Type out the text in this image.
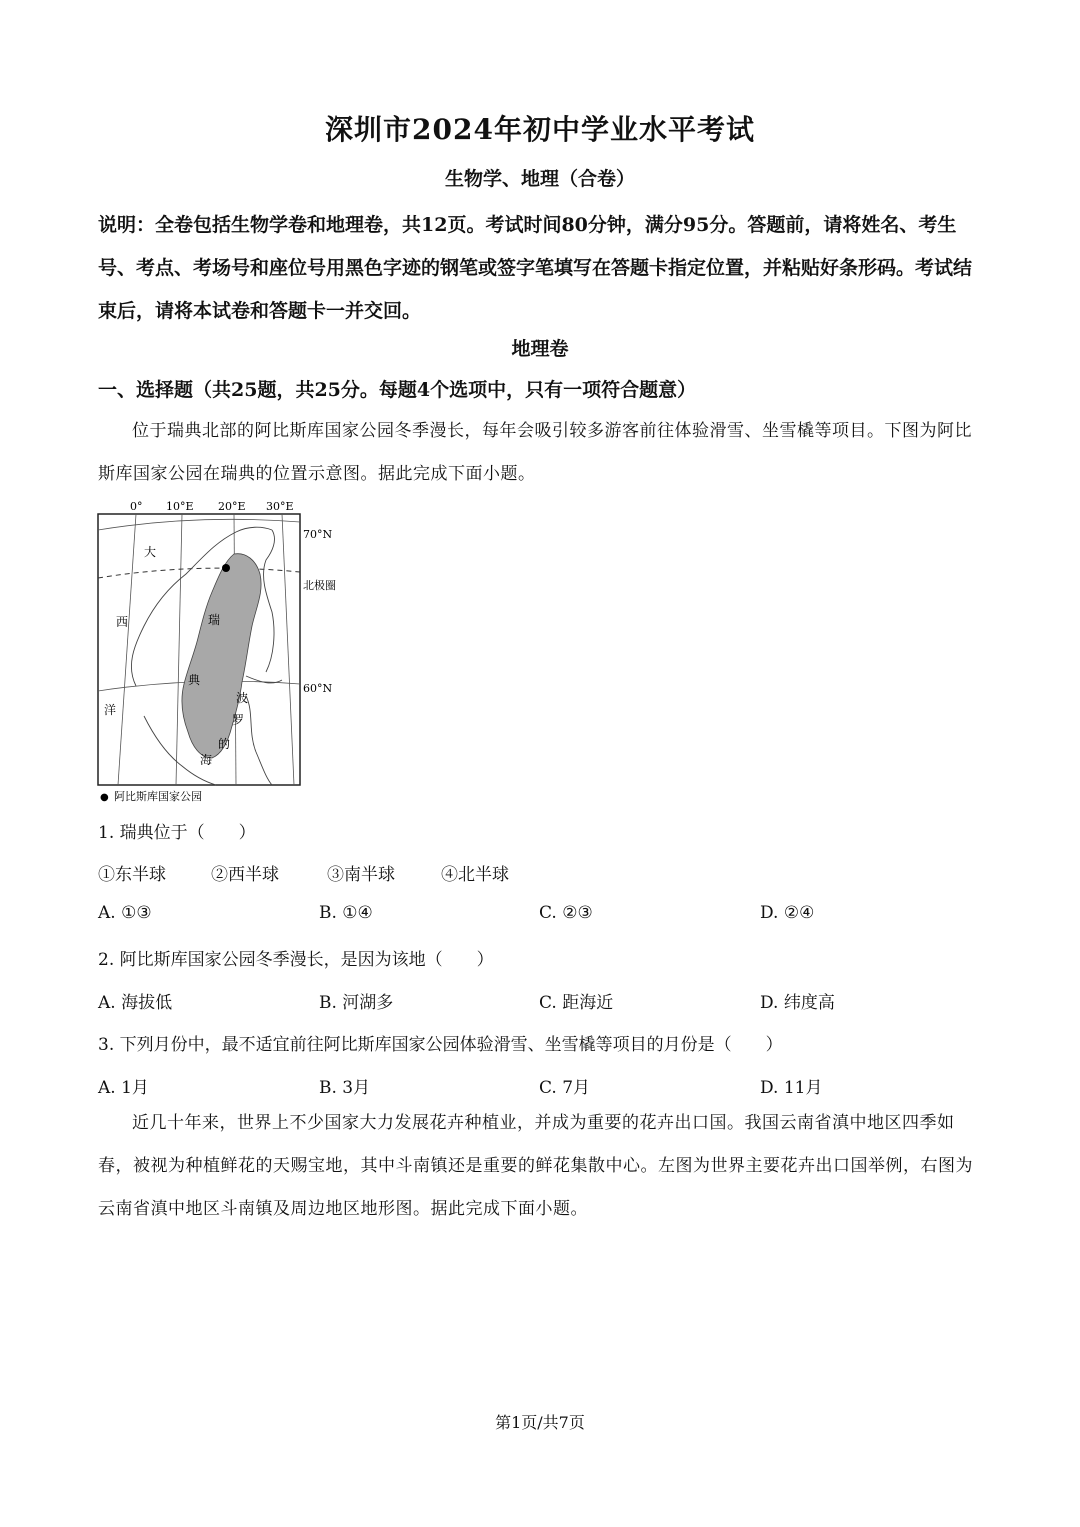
深圳市2024年初中学业水平考试
生物学、地理（合卷）
说明：全卷包括生物学卷和地理卷，共12页。考试时间80分钟，满分95分。答题前，请将姓名、考生号、考点、考场号和座位号用黑色字迹的钢笔或签字笔填写在答题卡指定位置，并粘贴好条形码。考试结束后，请将本试卷和答题卡一并交回。
地理卷
一、选择题（共25题，共25分。每题4个选项中，只有一项符合题意）
位于瑞典北部的阿比斯库国家公园冬季漫长，每年会吸引较多游客前往体验滑雪、坐雪橇等项目。下图为阿比斯库国家公园在瑞典的位置示意图。据此完成下面小题。
0° 10°E 20°E 30°E
70°N
北极圈
60°N
大
西
洋
瑞
典
波
罗
的
海
● 阿比斯库国家公园
1. 瑞典位于（　　）
①东半球	②西半球	③南半球	④北半球
A. ①③	B. ①④	C. ②③	D. ②④
2. 阿比斯库国家公园冬季漫长，是因为该地（　　）
A. 海拔低	B. 河湖多	C. 距海近	D. 纬度高
3. 下列月份中，最不适宜前往阿比斯库国家公园体验滑雪、坐雪橇等项目的月份是（　　）
A. 1月	B. 3月	C. 7月	D. 11月
近几十年来，世界上不少国家大力发展花卉种植业，并成为重要的花卉出口国。我国云南省滇中地区四季如春，被视为种植鲜花的天赐宝地，其中斗南镇还是重要的鲜花集散中心。左图为世界主要花卉出口国举例，右图为云南省滇中地区斗南镇及周边地区地形图。据此完成下面小题。
第1页/共7页
